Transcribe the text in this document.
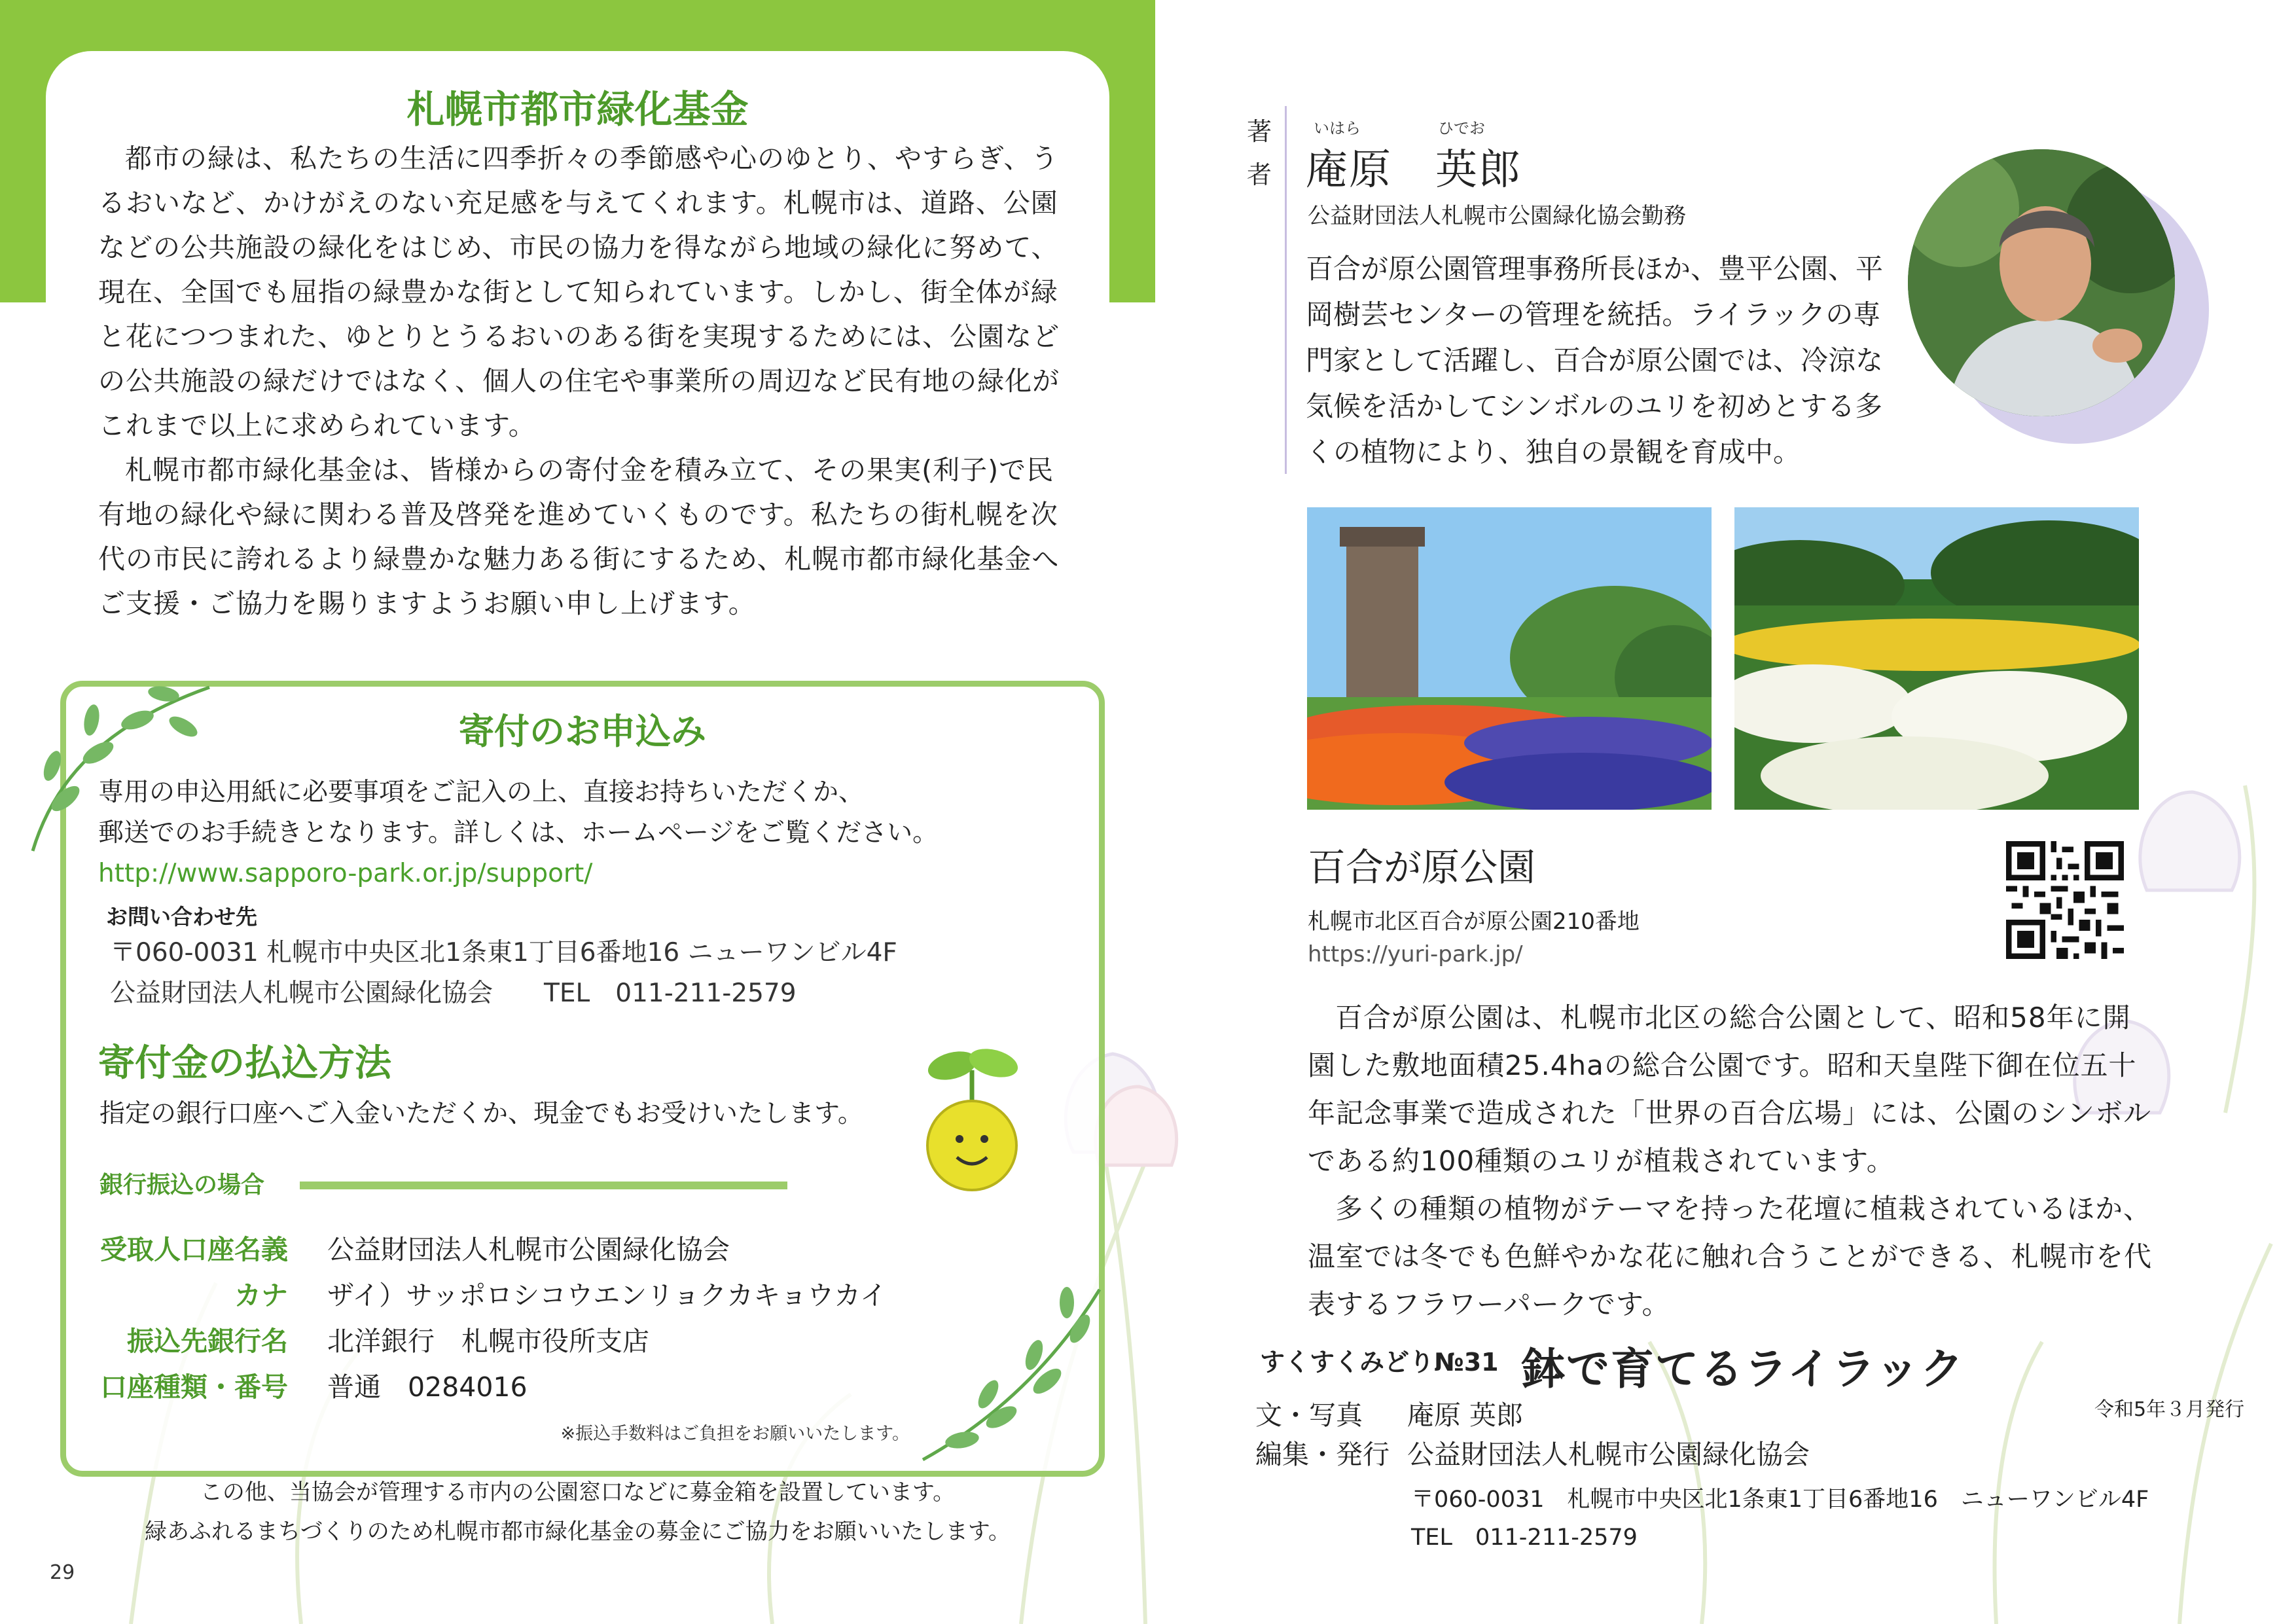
札幌市都市緑化基金

都市の緑は、私たちの生活に四季折々の季節感や心のゆとり、やすらぎ、うるおいなど、かけがえのない充足感を与えてくれます。札幌市は、道路、公園などの公共施設の緑化をはじめ、市民の協力を得ながら地域の緑化に努めて、現在、全国でも屈指の緑豊かな街として知られています。しかし、街全体が緑と花につつまれた、ゆとりとうるおいのある街を実現するためには、公園などの公共施設の緑だけではなく、個人の住宅や事業所の周辺など民有地の緑化がこれまで以上に求められています。

札幌市都市緑化基金は、皆様からの寄付金を積み立て、その果実(利子)で民有地の緑化や緑に関わる普及啓発を進めていくものです。私たちの街札幌を次代の市民に誇れるより緑豊かな魅力ある街にするため、札幌市都市緑化基金へご支援・ご協力を賜りますようお願い申し上げます。

寄付のお申込み
専用の申込用紙に必要事項をご記入の上、直接お持ちいただくか、
郵送でのお手続きとなります。詳しくは、ホームページをご覧ください。
http://www.sapporo-park.or.jp/support/
お問い合わせ先
〒060-0031 札幌市中央区北1条東1丁目6番地16 ニューワンビル4F
公益財団法人札幌市公園緑化協会　　 TEL　 011-211-2579
寄付金の払込方法
指定の銀行口座へご入金いただくか、現金でもお受けいたします。
銀行振込の場合
受取人口座名義	公益財団法人札幌市公園緑化協会
カナ	ザイ）サッポロシコウエンリョクカキョウカイ
振込先銀行名	北洋銀行　札幌市役所支店
口座種類・番号	普通　0284016
※振込手数料はご負担をお願いいたします。
この他、当協会が管理する市内の公園窓口などに募金箱を設置しています。
緑あふれるまちづくりのため札幌市都市緑化基金の募金にご協力をお願いいたします。
29
著者
いはら	ひでお
庵原　 英郎
公益財団法人札幌市公園緑化協会勤務
百合が原公園管理事務所長ほか、豊平公園、平岡樹芸センターの管理を統括。ライラックの専門家として活躍し、百合が原公園では、冷涼な気候を活かしてシンボルのユリを初めとする多くの植物により、独自の景観を育成中。
百合が原公園
札幌市北区百合が原公園210番地
https://yuri-park.jp/

百合が原公園は、札幌市北区の総合公園として、昭和58年に開園した敷地面積25.4haの総合公園です。昭和天皇陛下御在位五十年記念事業で造成された「世界の百合広場」には、公園のシンボルである約100種類のユリが植栽されています。

多くの種類の植物がテーマを持った花壇に植栽されているほか、温室では冬でも色鮮やかな花に触れ合うことができる、札幌市を代表するフラワーパークです。

すくすくみどり№31 鉢で育てるライラック
令和5年３月発行
文・写真 庵原 英郎
編集・発行 公益財団法人札幌市公園緑化協会
〒060-0031　札幌市中央区北1条東1丁目6番地16　ニューワンビル4F
TEL　011-211-2579
